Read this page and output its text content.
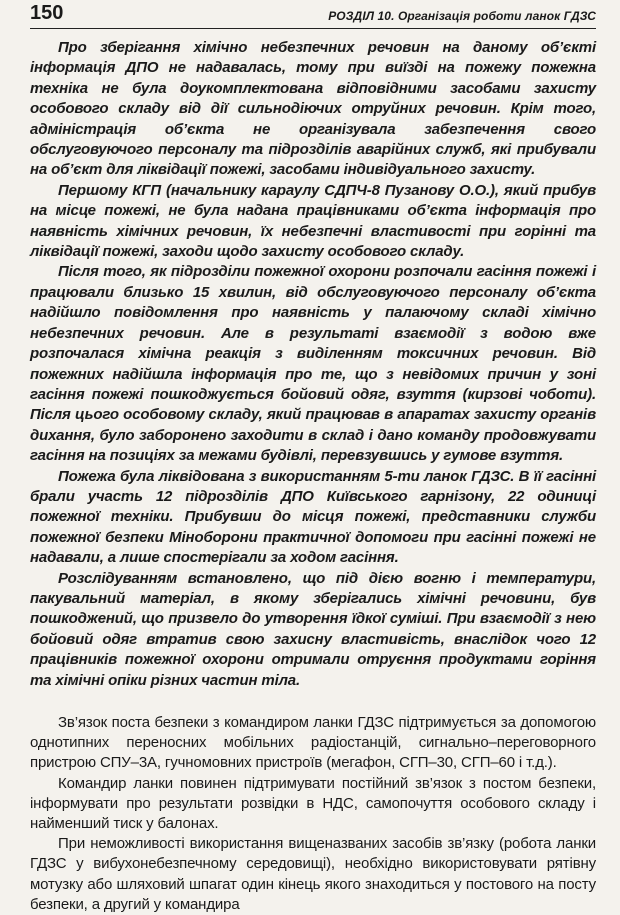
150	РОЗДІЛ 10. Організація роботи ланок ГДЗС

Про зберігання хімічно небезпечних речовин на даному об’єкті інформація ДПО не надавалась, тому при виїзді на пожежу пожежна техніка не була доукомплектована відповідними засобами захисту особового складу від дії сильнодіючих отруйних речовин. Крім того, адміністрація об’єкта не організувала забезпечення свого обслуговуючого персоналу та підрозділів аварійних служб, які прибували на об’єкт для ліквідації пожежі, засобами індивідуального захисту.

Першому КГП (начальнику караулу СДПЧ-8 Пузанову О.О.), який прибув на місце пожежі, не була надана працівниками об’єкта інформація про наявність хімічних речовин, їх небезпечні властивості при горінні та ліквідації пожежі, заходи щодо захисту особового складу.

Після того, як підрозділи пожежної охорони розпочали гасіння пожежі і працювали близько 15 хвилин, від обслуговуючого персоналу об’єкта надійшло повідомлення про наявність у палаючому складі хімічно небезпечних речовин. Але в результаті взаємодії з водою вже розпочалася хімічна реакція з виділенням токсичних речовин. Від пожежних надійшла інформація про те, що з невідомих причин у зоні гасіння пожежі пошкоджується бойовий одяг, взуття (кирзові чоботи). Після цього особовому складу, який працював в апаратах захисту органів дихання, було заборонено заходити в склад і дано команду продовжувати гасіння на позиціях за межами будівлі, перевзувшись у гумове взуття.

Пожежа була ліквідована з використанням 5-ти ланок ГДЗС. В її гасінні брали участь 12 підрозділів ДПО Київського гарнізону, 22 одиниці пожежної техніки. Прибувши до місця пожежі, представники служби пожежної безпеки Міноборони практичної допомоги при гасінні пожежі не надавали, а лише спостерігали за ходом гасіння.

Розслідуванням встановлено, що під дією вогню і температури, пакувальний матеріал, в якому зберігались хімічні речовини, був пошкоджений, що призвело до утворення їдкої суміші. При взаємодії з нею бойовий одяг втратив свою захисну властивість, внаслідок чого 12 працівників пожежної охорони отримали отруєння продуктами горіння та хімічні опіки різних частин тіла.

Зв’язок поста безпеки з командиром ланки ГДЗС підтримується за допомогою однотипних переносних мобільних радіостанцій, сигнально–переговорного пристрою СПУ–3А, гучномовних пристроїв (мегафон, СГП–30, СГП–60 і т.д.).

Командир ланки повинен підтримувати постійний зв’язок з постом безпеки, інформувати про результати розвідки в НДС, самопочуття особового складу і найменший тиск у балонах.

При неможливості використання вищеназваних засобів зв’язку (робота ланки ГДЗС у вибухонебезпечному середовищі), необхідно використовувати рятівну мотузку або шляховий шпагат один кінець якого знаходиться у постового на посту безпеки, а другий у командира
